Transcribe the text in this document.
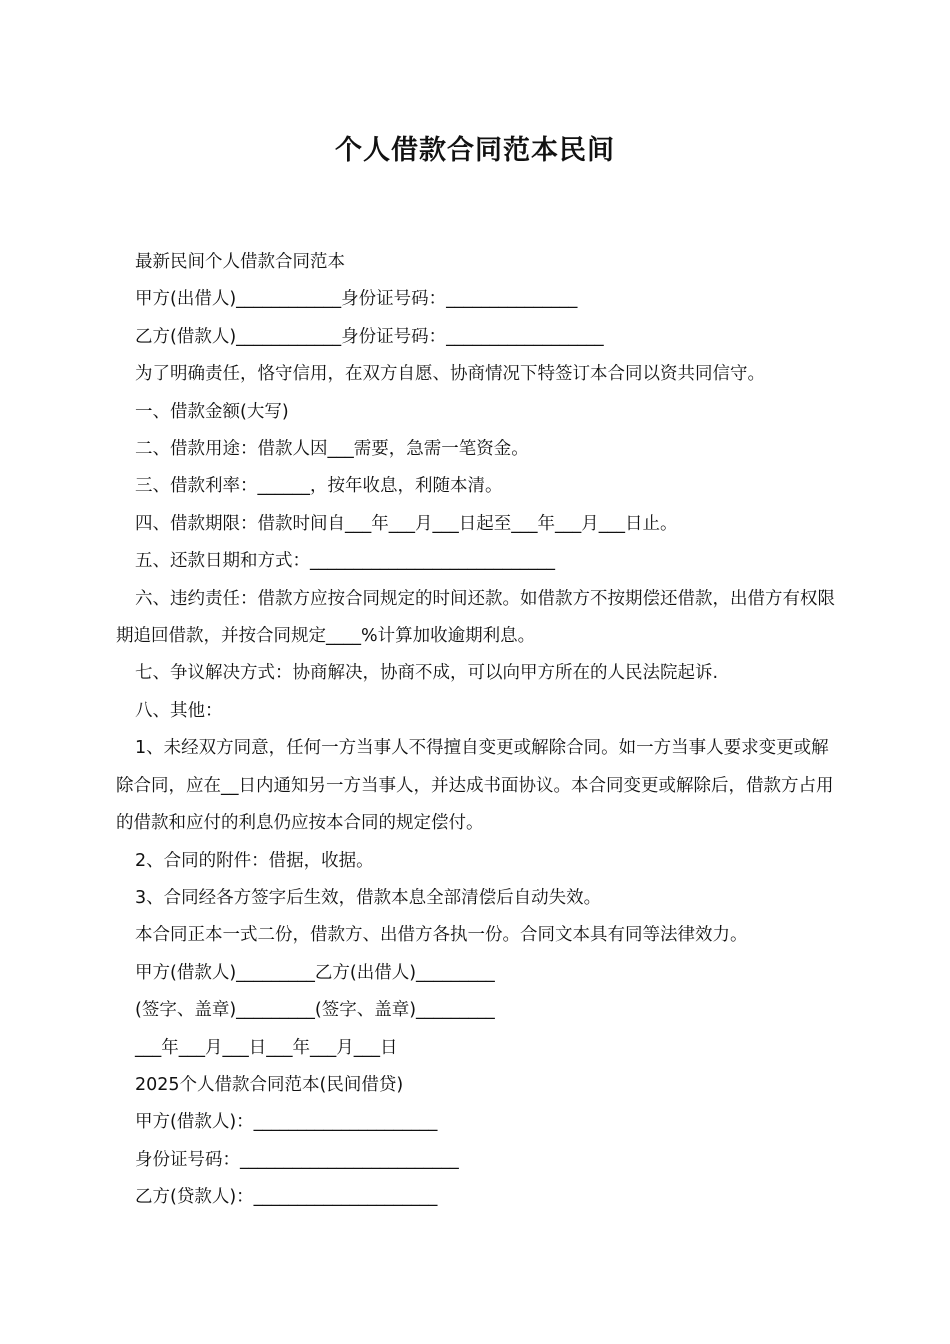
个人借款合同范本民间

最新民间个人借款合同范本

甲方(出借人)____________身份证号码：_______________

乙方(借款人)____________身份证号码：__________________

为了明确责任，恪守信用，在双方自愿、协商情况下特签订本合同以资共同信守。

一、借款金额(大写)

二、借款用途：借款人因___需要，急需一笔资金。

三、借款利率：______，按年收息，利随本清。

四、借款期限：借款时间自___年___月___日起至___年___月___日止。

五、还款日期和方式：____________________________

六、违约责任：借款方应按合同规定的时间还款。如借款方不按期偿还借款，出借方有权限期追回借款，并按合同规定____%计算加收逾期利息。

七、争议解决方式：协商解决，协商不成，可以向甲方所在的人民法院起诉.

八、其他：

1、未经双方同意，任何一方当事人不得擅自变更或解除合同。如一方当事人要求变更或解除合同，应在__日内通知另一方当事人，并达成书面协议。本合同变更或解除后，借款方占用的借款和应付的利息仍应按本合同的规定偿付。

2、合同的附件：借据，收据。

3、合同经各方签字后生效，借款本息全部清偿后自动失效。

本合同正本一式二份，借款方、出借方各执一份。合同文本具有同等法律效力。

甲方(借款人)_________乙方(出借人)_________

(签字、盖章)_________(签字、盖章)_________

___年___月___日___年___月___日

2025个人借款合同范本(民间借贷)

甲方(借款人)：_____________________

身份证号码：_________________________

乙方(贷款人)：_____________________
